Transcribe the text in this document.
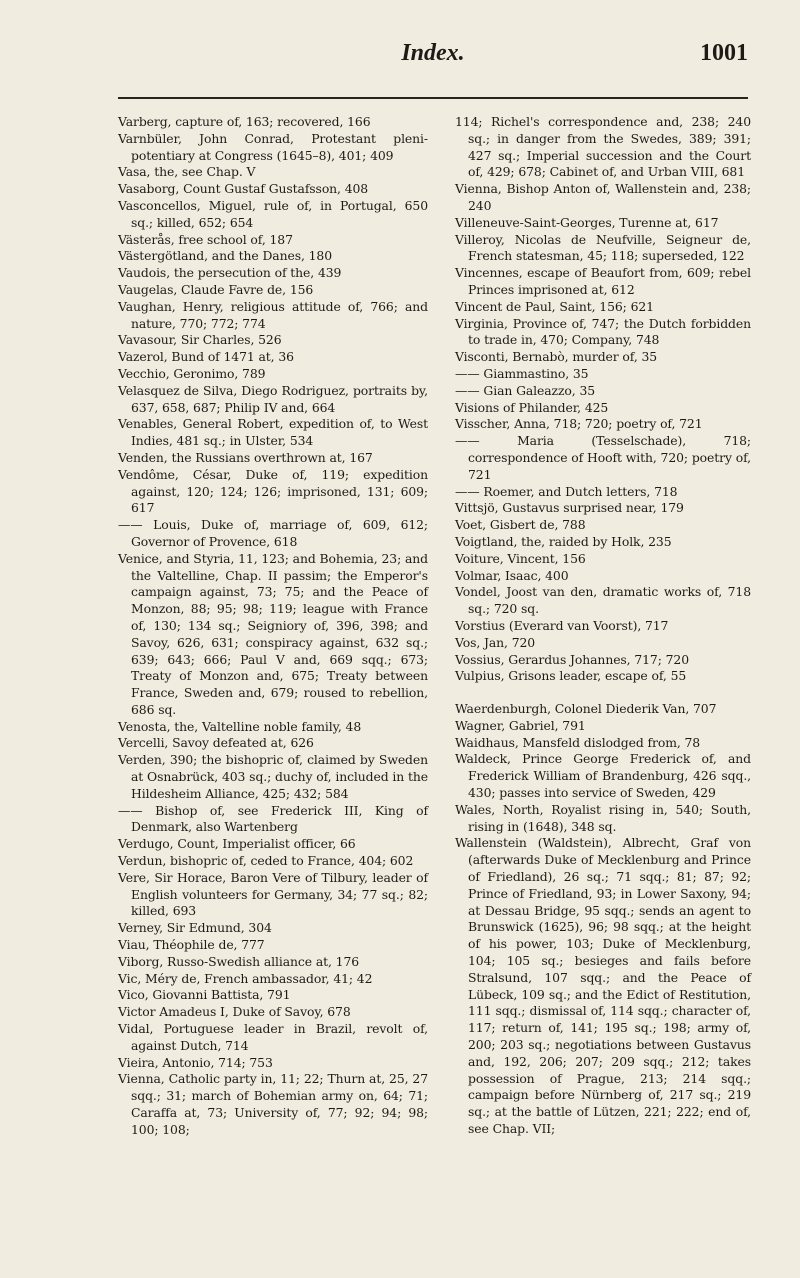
Index.	1001

Varberg, capture of, 163; recovered, 166

Varnbüler, John Conrad, Protestant pleni-potentiary at Congress (1645–8), 401; 409

Vasa, the, see Chap. V

Vasaborg, Count Gustaf Gustafsson, 408

Vasconcellos, Miguel, rule of, in Portugal, 650 sq.; killed, 652; 654

Västerås, free school of, 187

Västergötland, and the Danes, 180

Vaudois, the persecution of the, 439

Vaugelas, Claude Favre de, 156

Vaughan, Henry, religious attitude of, 766; and nature, 770; 772; 774

Vavasour, Sir Charles, 526

Vazerol, Bund of 1471 at, 36

Vecchio, Geronimo, 789

Velasquez de Silva, Diego Rodriguez, portraits by, 637, 658, 687; Philip IV and, 664

Venables, General Robert, expedition of, to West Indies, 481 sq.; in Ulster, 534

Venden, the Russians overthrown at, 167

Vendôme, César, Duke of, 119; expedition against, 120; 124; 126; imprisoned, 131; 609; 617

—— Louis, Duke of, marriage of, 609, 612; Governor of Provence, 618

Venice, and Styria, 11, 123; and Bohemia, 23; and the Valtelline, Chap. II passim; the Emperor's campaign against, 73; 75; and the Peace of Monzon, 88; 95; 98; 119; league with France of, 130; 134 sq.; Seigniory of, 396, 398; and Savoy, 626, 631; conspiracy against, 632 sq.; 639; 643; 666; Paul V and, 669 sqq.; 673; Treaty of Monzon and, 675; Treaty between France, Sweden and, 679; roused to rebellion, 686 sq.

Venosta, the, Valtelline noble family, 48

Vercelli, Savoy defeated at, 626

Verden, 390; the bishopric of, claimed by Sweden at Osnabrück, 403 sq.; duchy of, included in the Hildesheim Alliance, 425; 432; 584

—— Bishop of, see Frederick III, King of Denmark, also Wartenberg

Verdugo, Count, Imperialist officer, 66

Verdun, bishopric of, ceded to France, 404; 602

Vere, Sir Horace, Baron Vere of Tilbury, leader of English volunteers for Germany, 34; 77 sq.; 82; killed, 693

Verney, Sir Edmund, 304

Viau, Théophile de, 777

Viborg, Russo-Swedish alliance at, 176

Vic, Méry de, French ambassador, 41; 42

Vico, Giovanni Battista, 791

Victor Amadeus I, Duke of Savoy, 678

Vidal, Portuguese leader in Brazil, revolt of, against Dutch, 714

Vieira, Antonio, 714; 753

Vienna, Catholic party in, 11; 22; Thurn at, 25, 27 sqq.; 31; march of Bohemian army on, 64; 71; Caraffa at, 73; University of, 77; 92; 94; 98; 100; 108;

114; Richel's correspondence and, 238; 240 sq.; in danger from the Swedes, 389; 391; 427 sq.; Imperial succession and the Court of, 429; 678; Cabinet of, and Urban VIII, 681

Vienna, Bishop Anton of, Wallenstein and, 238; 240

Villeneuve-Saint-Georges, Turenne at, 617

Villeroy, Nicolas de Neufville, Seigneur de, French statesman, 45; 118; superseded, 122

Vincennes, escape of Beaufort from, 609; rebel Princes imprisoned at, 612

Vincent de Paul, Saint, 156; 621

Virginia, Province of, 747; the Dutch forbidden to trade in, 470; Company, 748

Visconti, Bernabò, murder of, 35

—— Giammastino, 35

—— Gian Galeazzo, 35

Visions of Philander, 425

Visscher, Anna, 718; 720; poetry of, 721

—— Maria (Tesselschade), 718; correspondence of Hooft with, 720; poetry of, 721

—— Roemer, and Dutch letters, 718

Vittsjö, Gustavus surprised near, 179

Voet, Gisbert de, 788

Voigtland, the, raided by Holk, 235

Voiture, Vincent, 156

Volmar, Isaac, 400

Vondel, Joost van den, dramatic works of, 718 sq.; 720 sq.

Vorstius (Everard van Voorst), 717

Vos, Jan, 720

Vossius, Gerardus Johannes, 717; 720

Vulpius, Grisons leader, escape of, 55

Waerdenburgh, Colonel Diederik Van, 707

Wagner, Gabriel, 791

Waidhaus, Mansfeld dislodged from, 78

Waldeck, Prince George Frederick of, and Frederick William of Brandenburg, 426 sqq., 430; passes into service of Sweden, 429

Wales, North, Royalist rising in, 540; South, rising in (1648), 348 sq.

Wallenstein (Waldstein), Albrecht, Graf von (afterwards Duke of Mecklenburg and Prince of Friedland), 26 sq.; 71 sqq.; 81; 87; 92; Prince of Friedland, 93; in Lower Saxony, 94; at Dessau Bridge, 95 sqq.; sends an agent to Brunswick (1625), 96; 98 sqq.; at the height of his power, 103; Duke of Mecklenburg, 104; 105 sq.; besieges and fails before Stralsund, 107 sqq.; and the Peace of Lübeck, 109 sq.; and the Edict of Restitution, 111 sqq.; dismissal of, 114 sqq.; character of, 117; return of, 141; 195 sq.; 198; army of, 200; 203 sq.; negotiations between Gustavus and, 192, 206; 207; 209 sqq.; 212; takes possession of Prague, 213; 214 sqq.; campaign before Nürnberg of, 217 sq.; 219 sq.; at the battle of Lützen, 221; 222; end of, see Chap. VII;
